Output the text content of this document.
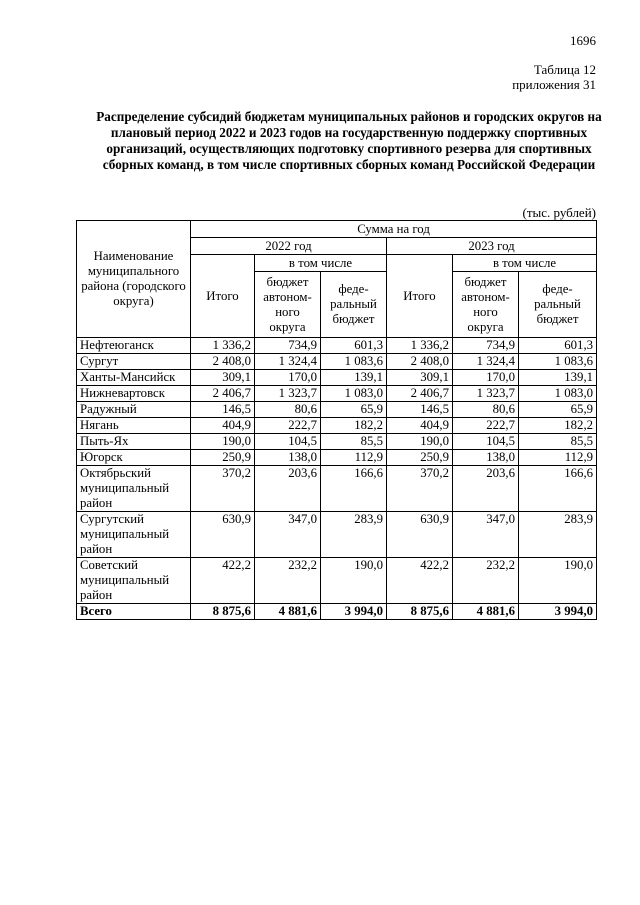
1696
Таблица 12
приложения 31
Распределение субсидий бюджетам муниципальных районов и городских округов на плановый период 2022 и 2023 годов на государственную поддержку спортивных организаций, осуществляющих подготовку спортивного резерва для спортивных сборных команд, в том числе спортивных сборных команд Российской Федерации
(тыс. рублей)
Наименование муниципального района (городского округа)	Сумма на год					
	2022 год			2023 год		
	Итого	в том числе		Итого	в том числе	
		бюджет автоном-ного округа	феде-ральный бюджет		бюджет автоном-ного округа	феде-ральный бюджет
Нефтеюганск	1 336,2	734,9	601,3	1 336,2	734,9	601,3
Сургут	2 408,0	1 324,4	1 083,6	2 408,0	1 324,4	1 083,6
Ханты-Мансийск	309,1	170,0	139,1	309,1	170,0	139,1
Нижневартовск	2 406,7	1 323,7	1 083,0	2 406,7	1 323,7	1 083,0
Радужный	146,5	80,6	65,9	146,5	80,6	65,9
Нягань	404,9	222,7	182,2	404,9	222,7	182,2
Пыть-Ях	190,0	104,5	85,5	190,0	104,5	85,5
Югорск	250,9	138,0	112,9	250,9	138,0	112,9
Октябрьский муниципальный район	370,2	203,6	166,6	370,2	203,6	166,6
Сургутский муниципальный район	630,9	347,0	283,9	630,9	347,0	283,9
Советский муниципальный район	422,2	232,2	190,0	422,2	232,2	190,0
Всего	8 875,6	4 881,6	3 994,0	8 875,6	4 881,6	3 994,0
